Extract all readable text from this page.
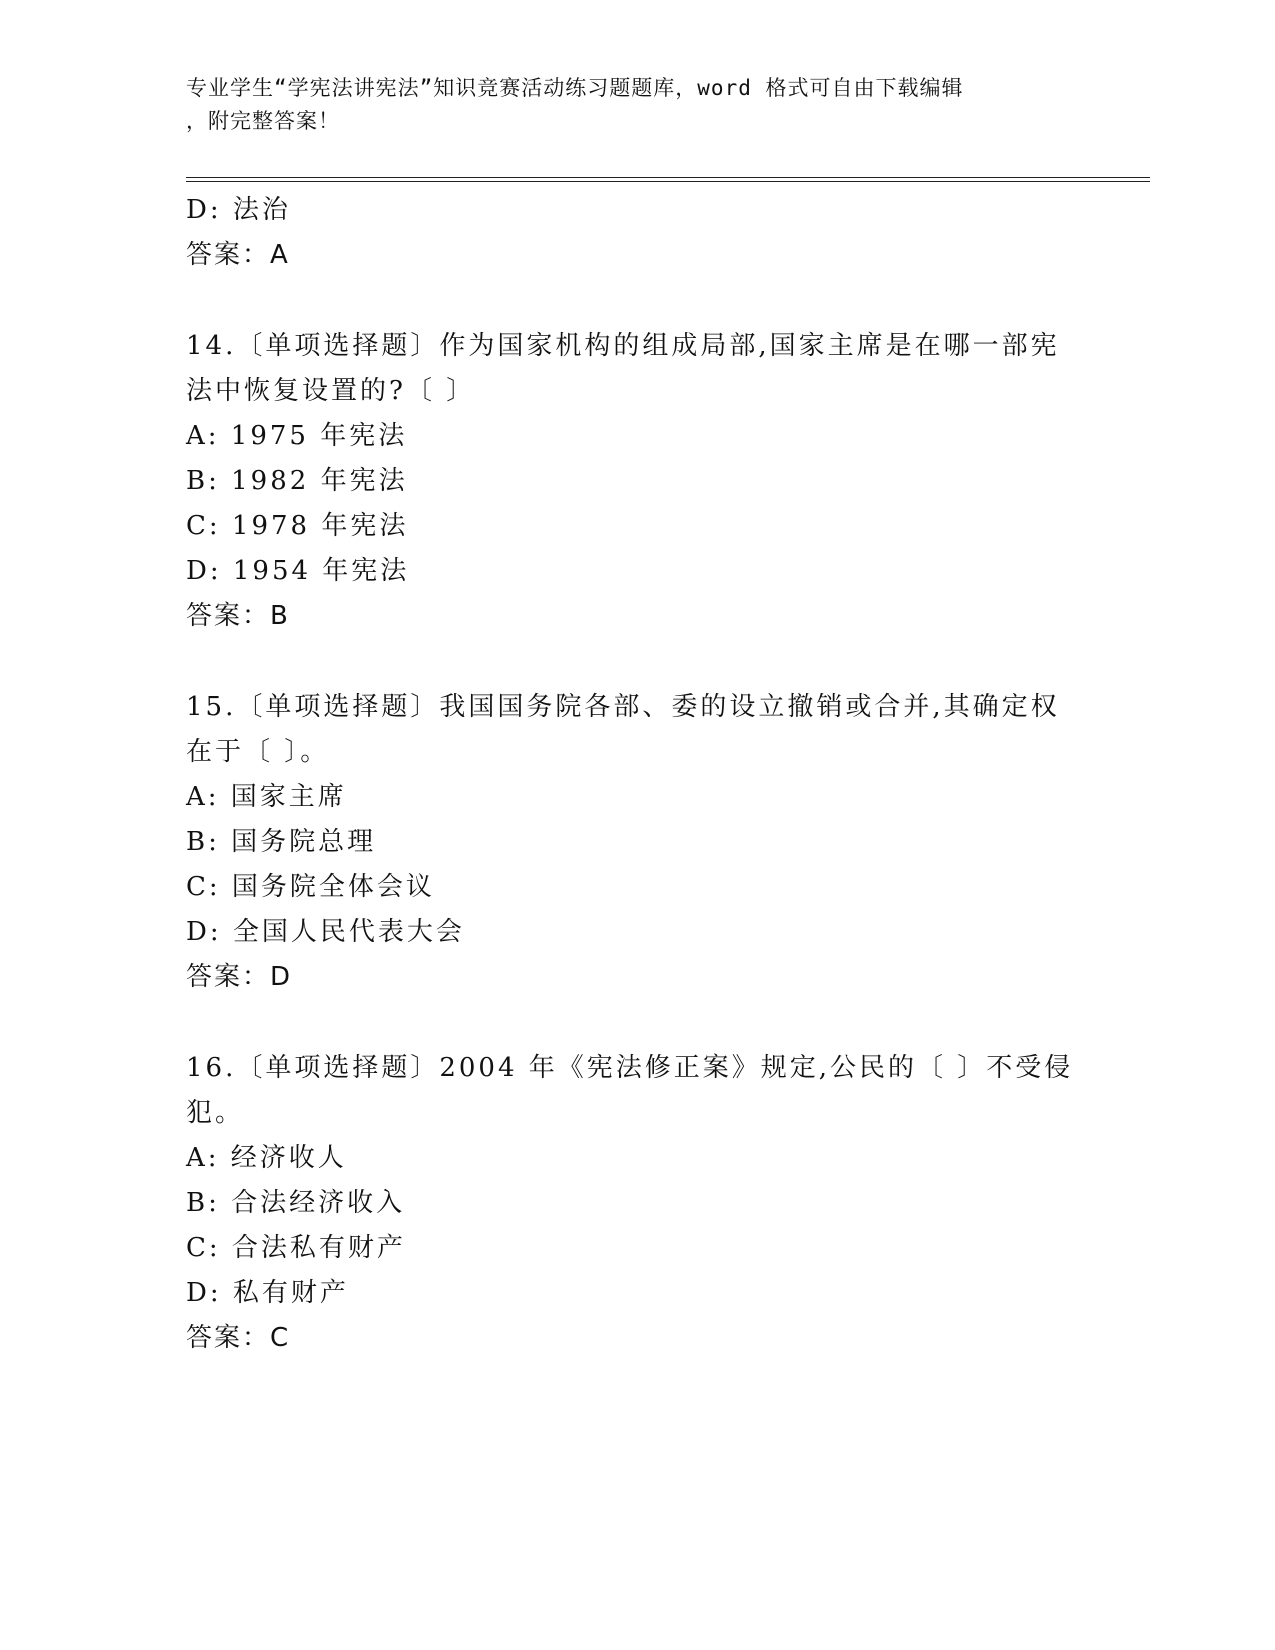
专业学生“学宪法讲宪法”知识竞赛活动练习题题库，word 格式可自由下载编辑
，附完整答案！
D: 法治
答案：A
14.〔单项选择题〕作为国家机构的组成局部,国家主席是在哪一部宪
法中恢复设置的?〔 〕
A: 1975 年宪法
B: 1982 年宪法
C: 1978 年宪法
D: 1954 年宪法
答案：B
15.〔单项选择题〕我国国务院各部、委的设立撤销或合并,其确定权
在于〔 〕。
A: 国家主席
B: 国务院总理
C: 国务院全体会议
D: 全国人民代表大会
答案：D
16.〔单项选择题〕2004 年《宪法修正案》规定,公民的〔 〕不受侵
犯。
A: 经济收人
B: 合法经济收入
C: 合法私有财产
D: 私有财产
答案：C
